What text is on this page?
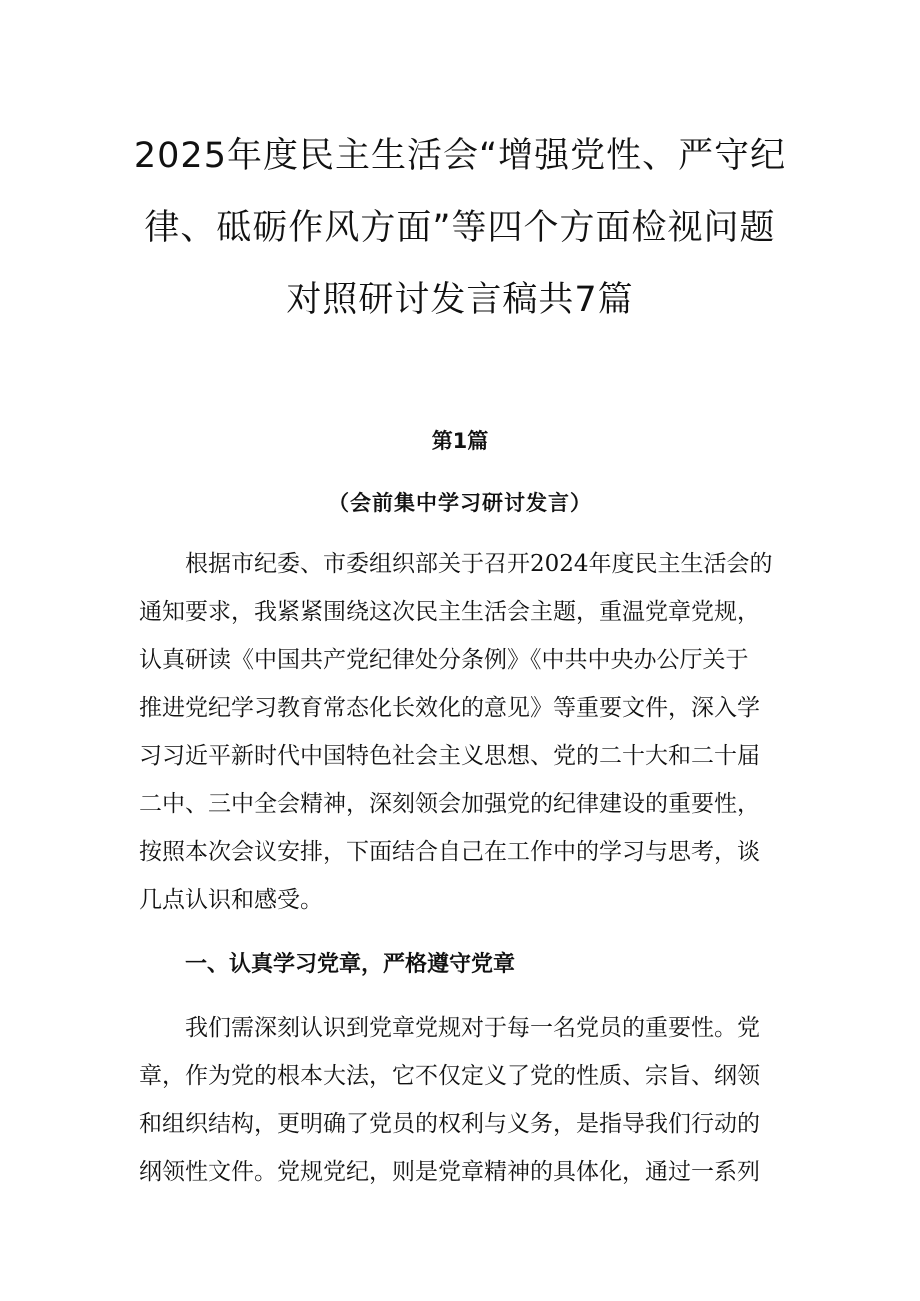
2025年度民主生活会“增强党性、严守纪
律、砥砺作风方面”等四个方面检视问题
对照研讨发言稿共7篇
第1篇
（会前集中学习研讨发言）

根据市纪委、市委组织部关于召开2024年度民主生活会的
通知要求，我紧紧围绕这次民主生活会主题，重温党章党规，
认真研读《中国共产党纪律处分条例》《中共中央办公厅关于
推进党纪学习教育常态化长效化的意见》等重要文件，深入学
习习近平新时代中国特色社会主义思想、党的二十大和二十届
二中、三中全会精神，深刻领会加强党的纪律建设的重要性，
按照本次会议安排，下面结合自己在工作中的学习与思考，谈
几点认识和感受。

一、认真学习党章，严格遵守党章

我们需深刻认识到党章党规对于每一名党员的重要性。党
章，作为党的根本大法，它不仅定义了党的性质、宗旨、纲领
和组织结构，更明确了党员的权利与义务，是指导我们行动的
纲领性文件。党规党纪，则是党章精神的具体化，通过一系列
